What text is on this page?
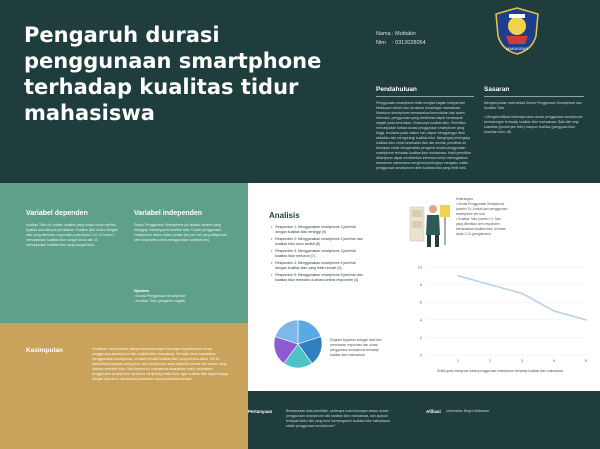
Pengaruh durasi penggunaan smartphone terhadap kualitas tidur mahasiswa
Nama : Muttakin
Nim : 0312028054
MAKASSAR
Pendahuluan
Penggunaan smartphone telah menjadi bagian integral dari kehidupan sehari-hari, terutama di kalangan mahasiswa. Meskipun smartphone menawarkan kemudahan dan akses informasi, penggunaan yang berlebihan dapat berdampak negatif pada kesehatan, khususnya kualitas tidur. Penelitian menunjukkan bahwa durasi penggunaan smartphone yang tinggi, terutama pada malam hari, dapat mengganggu ritme sirkadian dan mengurangi kualitas tidur. Mengingat pentingnya kualitas tidur untuk kesehatan fisik dan mental, penelitian ini bertujuan untuk menganalisis pengaruh durasi penggunaan smartphone terhadap kualitas tidur mahasiswa. Hasil penelitian diharapkan dapat memberikan informasi untuk meningkatkan kesadaran mahasiswa mengenai pentingnya mengatur waktu penggunaan smartphone demi kualitas tidur yang lebih baik.
Sasaran
Mengumpulkan data terkait Durasi Penggunaan Smartphone dan Kualitas Tidur
• Mengidentifikasi seberapa lama durasi penggunaan smartphone berhubungan terhadap kualitas tidur mahasiswa. Baik dari segi kuantitas (jumlah jam tidur) maupun kualitas (gangguan tidur, kesulitan tidur, dll).
Variabel dependen
Kualitas Tidur (ini adalah variabel yang diukur untuk melihat apakah ada dampak perubahan. Kualitas tidur diukur dengan skor yang diberikan responden pada skala 1-10, di mana 1 menunjukkan kualitas tidur sangat buruk dan 10 menunjukkan kualitas tidur yang sangat baik).
Variabel independen
Durasi Penggunaan Smartphone (ini adalah variabel yang dianggap memengaruhi kualitas tidur. Durasi penggunaan smartphone diukur dalam jumlah jam per hari yang dilaporkan oleh responden untuk menggunakan smartphone).
Hipotesis
• Durasi Penggunaan Smartphone
• Kualitas Tidur (pengaruh negatif)
Kesimpulan	Penelitian menunjukkan adanya kecenderungan hubungan negatif antara durasi penggunaan smartphone dan kualitas tidur mahasiswa. Semakin lama mahasiswa menggunakan smartphone, semakin rendah kualitas tidur yang mereka alami. Hal ini disebabkan paparan cahaya biru dari smartphone serta stimulasi mental dari konten yang diakses sebelum tidur. Oleh karena itu, mahasiswa disarankan untuk membatasi penggunaan smartphone, terutama menjelang waktu tidur, agar kualitas tidur dapat terjaga dengan baik demi mendukung kesehatan dan produktivitas belajar.
Analisis
• Responden 1: Menggunakan smartphone 1 jam/hari dengan kualitas tidur tertinggi (9).
• Responden 2: Menggunakan smartphone 2 jam/hari dan kualitas tidur turun sedikit (8).
• Responden 3: Menggunakan smartphone 3 jam/hari kualitas tidur menurun (7).
• Responden 4: Menggunakan smartphone 4 jam/hari dengan kualitas tidur yang lebih rendah (5).
• Responden 5: Menggunakan smartphone 5 jam/hari dan kualitas tidur terendah di antara kelima responden (4).
Keterangan:
• Durasi Penggunaan Smartphone (sumbu X): Jumlah jam penggunaan smartphone per hari.
• Kualitas Tidur (sumbu Y): Skor yang diberikan oleh responden berdasarkan kualitas tidur, di mana skala 1-10 (pengukuran).
Diagram lingkaran sebagai hasil dari persebaran responden dan durasi penggunaan smartphone terhadap kualitas tidur mahasiswa	0
2
4
6
8
10
1	2	3	4	5
Grafik garis mengenai durasi penggunaan smartphone terhadap kualitas tidur mahasiswa
Pertanyaan	Berdasarkan data penelitian, seberapa kuat hubungan antara durasi penggunaan smartphone dan kualitas tidur mahasiswa, dan apakah terdapat faktor lain yang turut memengaruhi kualitas tidur mahasiswa selain penggunaan smartphone?
Afiliasi Universitas Negeri Makassar
